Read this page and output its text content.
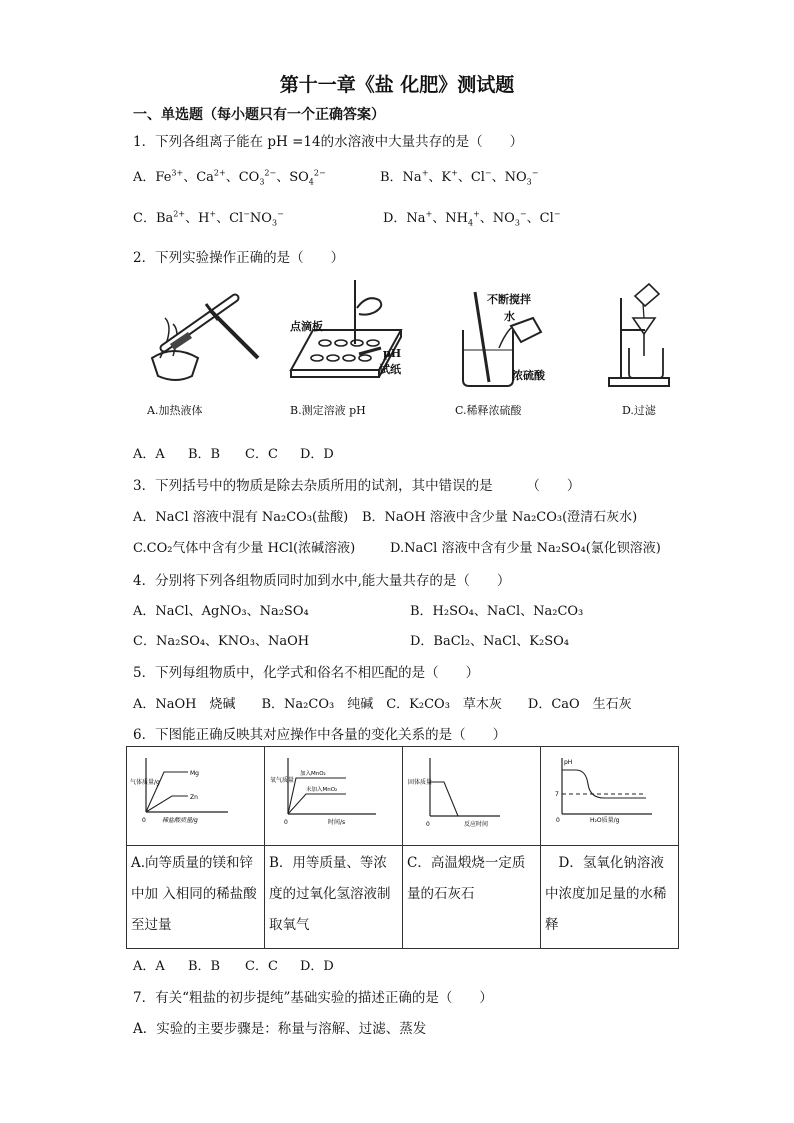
第十一章《盐 化肥》测试题
一、单选题（每小题只有一个正确答案）
1．下列各组离子能在 pH =14的水溶液中大量共存的是（　　）
A．$Fe^{3+}$、$Ca^{2+}$、$CO_3^{2-}$、$SO_4^{2-}$	B．Na+、K+、Cl−、$NO_3^-$
C．$Ba^{2+}$、H+、$Cl^-NO_3^-$	D．Na+、$NH_4^+$、$NO_3^-$、Cl−
2．下列实验操作正确的是（　　）
A.加热液体
点滴板
pH
试纸
B.测定溶液 pH
不断搅拌
水
浓硫酸
C.稀释浓硫酸	D.过滤
A．A B．B C．C D．D
3．下列括号中的物质是除去杂质所用的试剂，其中错误的是　　　（　　）
A．NaCl 溶液中混有 Na₂CO₃(盐酸) B．NaOH 溶液中含少量 Na₂CO₃(澄清石灰水)
C.CO₂气体中含有少量 HCl(浓碱溶液)	D.NaCl 溶液中含有少量 Na₂SO₄(氯化钡溶液)
4．分别将下列各组物质同时加到水中,能大量共存的是（　　）
A．NaCl、AgNO₃、Na₂SO₄	B．H₂SO₄、NaCl、Na₂CO₃
C．Na₂SO₄、KNO₃、NaOH	D．BaCl₂、NaCl、K₂SO₄
5．下列每组物质中，化学式和俗名不相匹配的是（　　）
A．NaOH　烧碱　　B．Na₂CO₃　纯碱　C．K₂CO₃　草木灰　　D．CaO　生石灰
6．下图能正确反映其对应操作中各量的变化关系的是（　　）
Mg
Zn
气体质量/g
0 稀盐酸质量/g	加入MnO₂
未加入MnO₂
氧气质量
0 时间/s	固体质量
0 反应时间	pH
7
0 H₂O质量/g

A.向等质量的镁和锌中加 入相同的稀盐酸至过量	B．用等质量、等浓度的过氧化氢溶液制取氧气	C．高温煅烧一定质量的石灰石	　D．氢氧化钠溶液中浓度加足量的水稀释
A．A B．B C．C D．D
7．有关“粗盐的初步提纯”基础实验的描述正确的是（　　）
A．实验的主要步骤是：称量与溶解、过滤、蒸发
